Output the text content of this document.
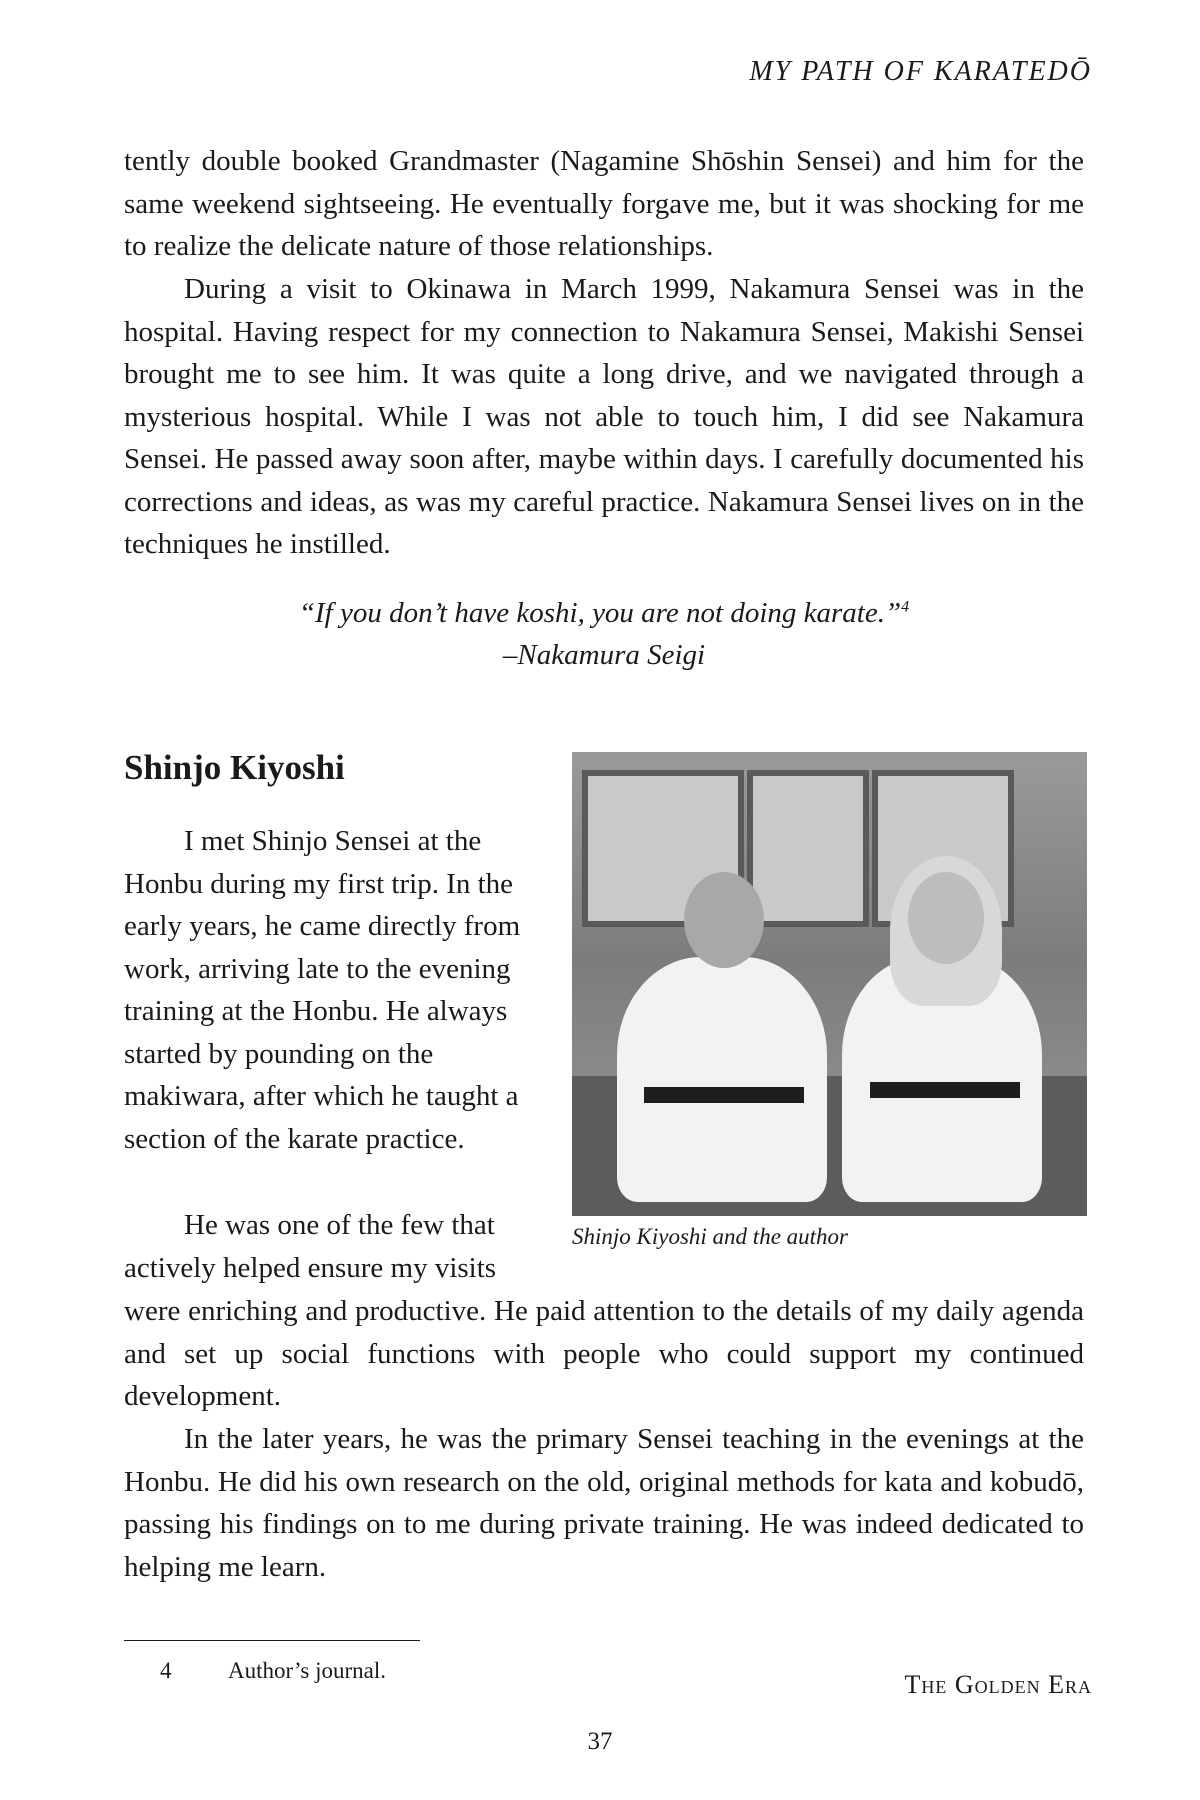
MY PATH OF KARATEDŌ

tently double booked Grandmaster (Nagamine Shōshin Sensei) and him for the same weekend sightseeing. He eventually forgave me, but it was shocking for me to realize the delicate nature of those relationships.

During a visit to Okinawa in March 1999, Nakamura Sensei was in the hospital. Having respect for my connection to Nakamura Sensei, Makishi Sensei brought me to see him. It was quite a long drive, and we navigated through a mysterious hospital. While I was not able to touch him, I did see Nakamura Sensei. He passed away soon after, maybe within days. I carefully documented his corrections and ideas, as was my careful practice. Nakamura Sensei lives on in the techniques he instilled.

“If you don’t have koshi, you are not doing karate.”$^4$
–Nakamura Seigi
Shinjo Kiyoshi

I met Shinjo Sensei at the Honbu during my first trip. In the early years, he came directly from work, arriving late to the evening training at the Honbu. He always started by pounding on the makiwara, after which he taught a section of the karate practice.

He was one of the few that actively helped ensure my visits

Shinjo Kiyoshi and the author

were enriching and productive. He paid attention to the details of my daily agenda and set up social functions with people who could support my continued development.

In the later years, he was the primary Sensei teaching in the evenings at the Honbu. He did his own research on the old, original methods for kata and kobudō, passing his findings on to me during private training. He was indeed dedicated to helping me learn.

4 Author’s journal.
37
The Golden Era
